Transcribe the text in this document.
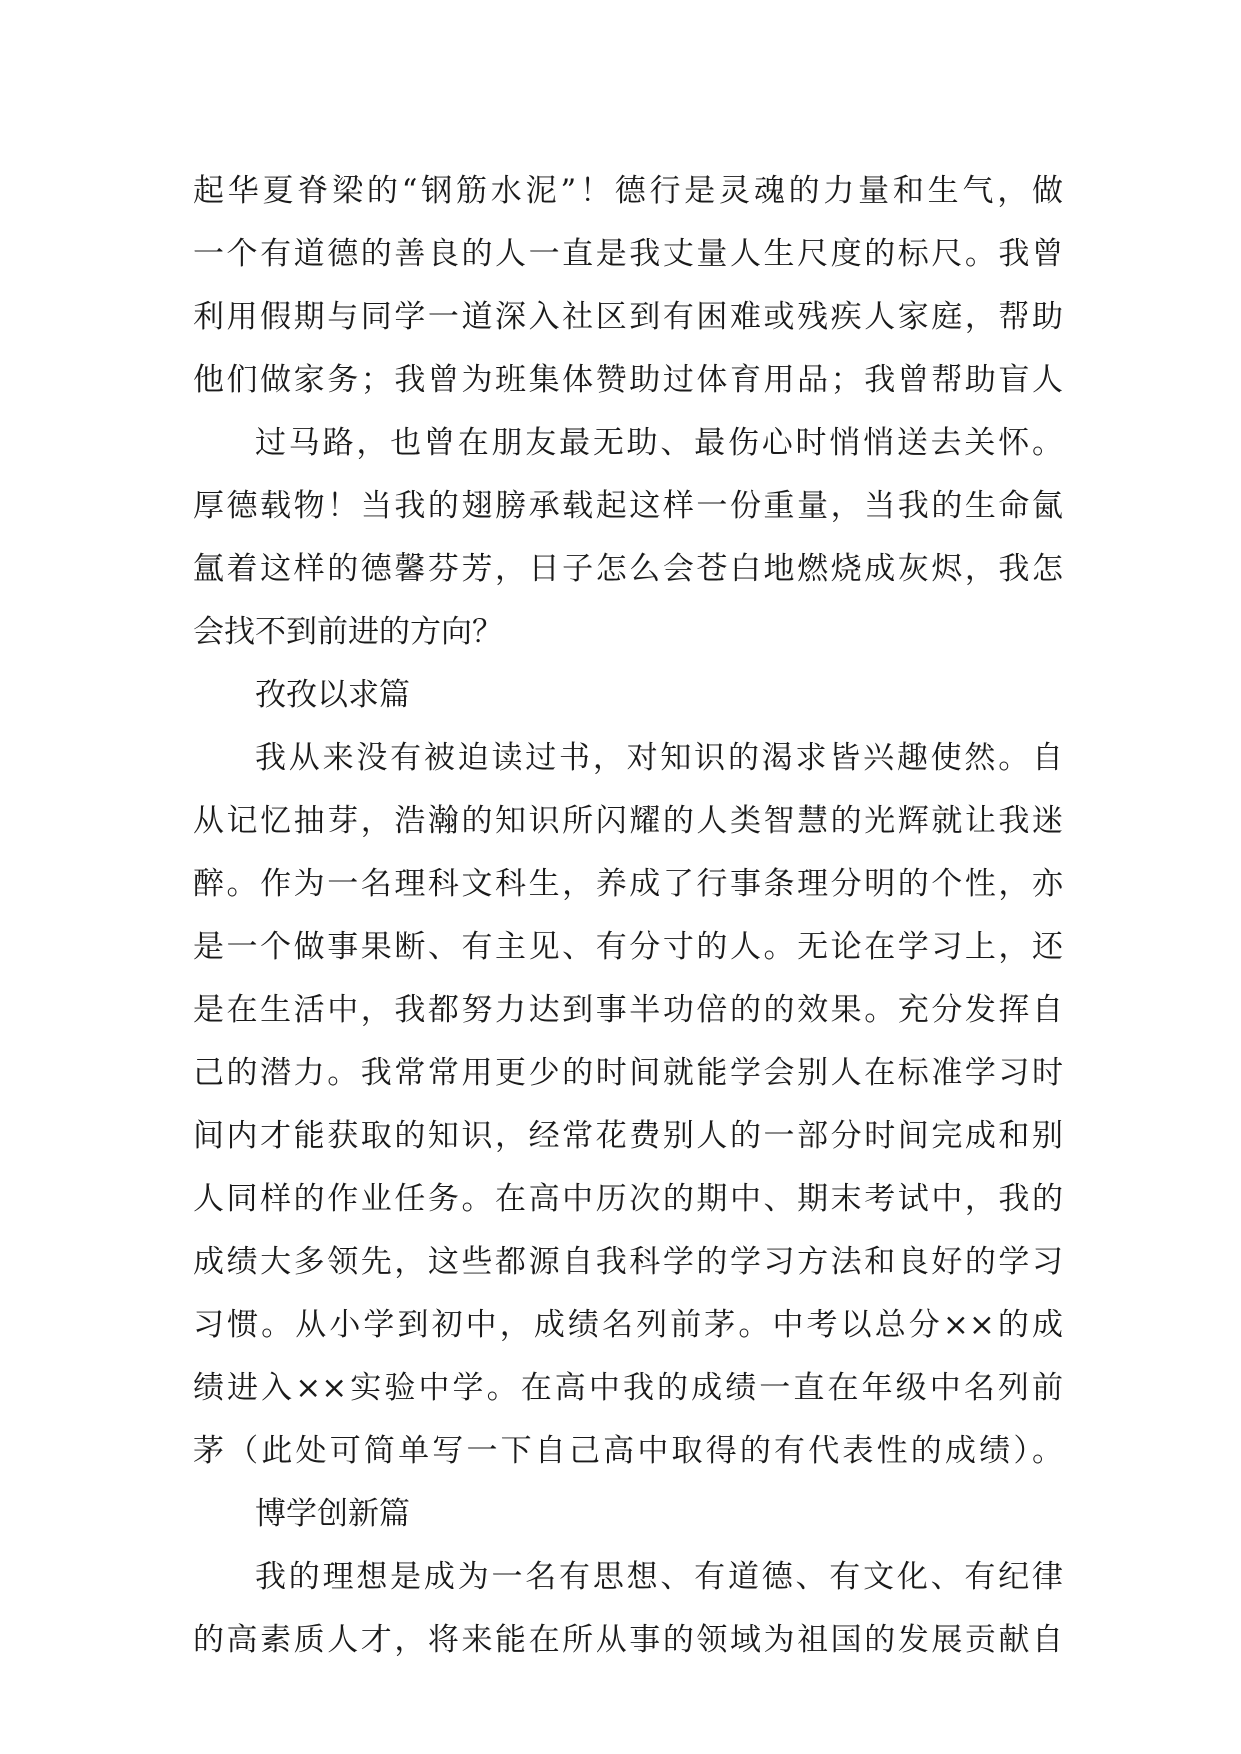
起华夏脊梁的“钢筋水泥”！德行是灵魂的力量和生气，做
一个有道德的善良的人一直是我丈量人生尺度的标尺。我曾
利用假期与同学一道深入社区到有困难或残疾人家庭，帮助
他们做家务；我曾为班集体赞助过体育用品；我曾帮助盲人
过马路，也曾在朋友最无助、最伤心时悄悄送去关怀。
厚德载物！当我的翅膀承载起这样一份重量，当我的生命氤
氲着这样的德馨芬芳，日子怎么会苍白地燃烧成灰烬，我怎
会找不到前进的方向？
孜孜以求篇
我从来没有被迫读过书，对知识的渴求皆兴趣使然。自
从记忆抽芽，浩瀚的知识所闪耀的人类智慧的光辉就让我迷
醉。作为一名理科文科生，养成了行事条理分明的个性，亦
是一个做事果断、有主见、有分寸的人。无论在学习上，还
是在生活中，我都努力达到事半功倍的的效果。充分发挥自
己的潜力。我常常用更少的时间就能学会别人在标准学习时
间内才能获取的知识，经常花费别人的一部分时间完成和别
人同样的作业任务。在高中历次的期中、期末考试中，我的
成绩大多领先，这些都源自我科学的学习方法和良好的学习
习惯。从小学到初中，成绩名列前茅。中考以总分××的成
绩进入××实验中学。在高中我的成绩一直在年级中名列前
茅（此处可简单写一下自己高中取得的有代表性的成绩）。
博学创新篇
我的理想是成为一名有思想、有道德、有文化、有纪律
的高素质人才，将来能在所从事的领域为祖国的发展贡献自
